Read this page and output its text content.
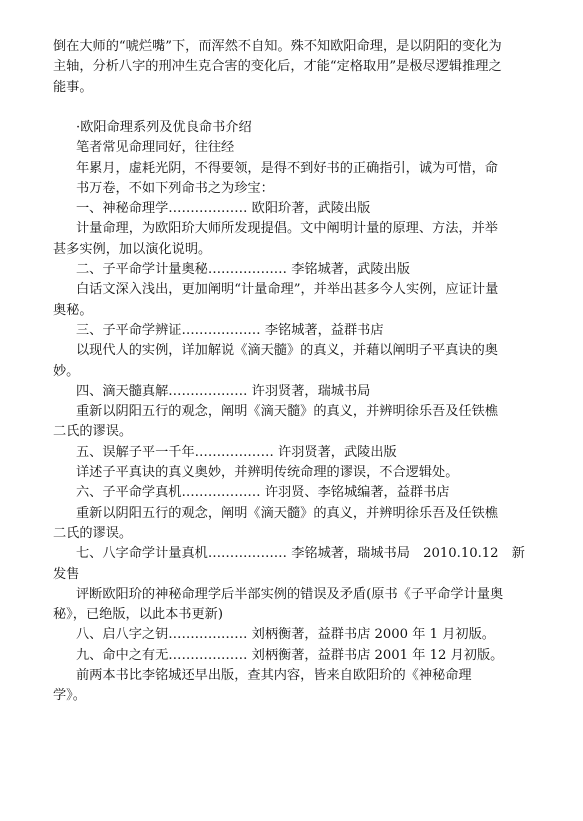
倒在大师的“唬烂嘴”下，而浑然不自知。殊不知欧阳命理，是以阴阳的变化为
主轴，分析八字的刑冲生克合害的变化后，才能“定格取用”是极尽逻辑推理之
能事。
·欧阳命理系列及优良命书介绍
笔者常见命理同好，往往经
年累月，虚耗光阴，不得要领，是得不到好书的正确指引，诚为可惜，命
书万卷，不如下列命书之为珍宝：
一、神秘命理学……………… 欧阳玠著，武陵出版
计量命理，为欧阳玠大师所发现提倡。文中阐明计量的原理、方法，并举
甚多实例，加以演化说明。
二、子平命学计量奥秘……………… 李铭城著，武陵出版
白话文深入浅出，更加阐明“计量命理”，并举出甚多今人实例，应证计量
奥秘。
三、子平命学辨证……………… 李铭城著，益群书店
以现代人的实例，详加解说《滴天髓》的真义，并藉以阐明子平真诀的奥
妙。
四、滴天髓真解……………… 许羽贤著，瑞城书局
重新以阴阳五行的观念，阐明《滴天髓》的真义，并辨明徐乐吾及任铁樵
二氏的谬误。
五、误解子平一千年……………… 许羽贤著，武陵出版
详述子平真诀的真义奥妙，并辨明传统命理的谬误，不合逻辑处。
六、子平命学真机……………… 许羽贤、李铭城编著，益群书店
重新以阴阳五行的观念，阐明《滴天髓》的真义，并辨明徐乐吾及任铁樵
二氏的谬误。
七、八字命学计量真机……………… 李铭城著，瑞城书局　2010.10.12　新
发售
评断欧阳玠的神秘命理学后半部实例的错误及矛盾(原书《子平命学计量奥
秘》，已绝版，以此本书更新)
八、启八字之钥……………… 刘柄衡著，益群书店 2000 年 1 月初版。
九、命中之有无……………… 刘柄衡著，益群书店 2001 年 12 月初版。
前两本书比李铭城还早出版，查其内容，皆来自欧阳玠的《神秘命理
学》。
